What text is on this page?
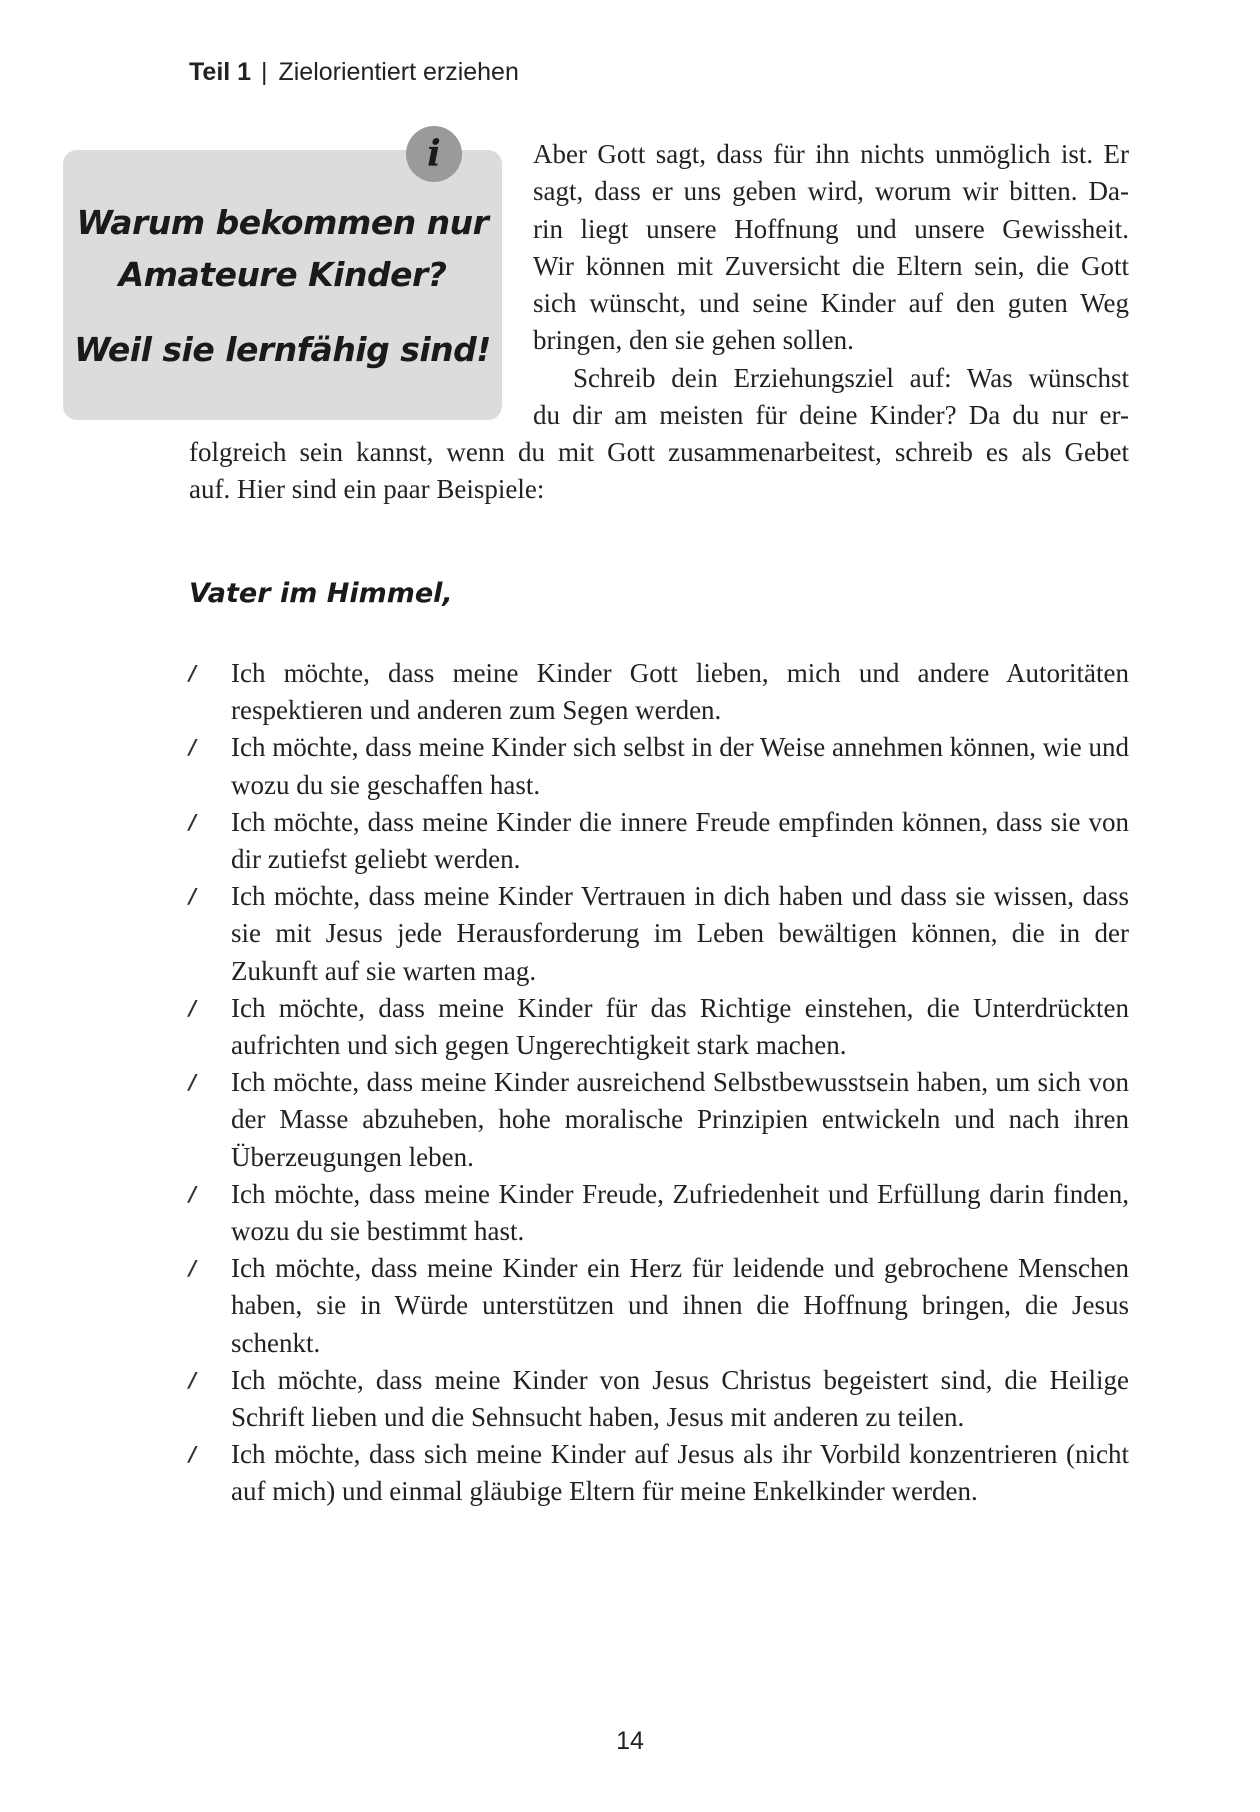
Teil 1 | Zielorientiert erziehen
i
Warum bekommen nur
Amateure Kinder?
Weil sie lernfähig sind!
Aber Gott sagt, dass für ihn nichts unmöglich ist. Er
sagt, dass er uns geben wird, worum wir bitten. Da-
rin liegt unsere Hoffnung und unsere Gewissheit.
Wir können mit Zuversicht die Eltern sein, die Gott
sich wünscht, und seine Kinder auf den guten Weg
bringen, den sie gehen sollen.
Schreib dein Erziehungsziel auf: Was wünschst
du dir am meisten für deine Kinder? Da du nur er-
folgreich sein kannst, wenn du mit Gott zusammenarbeitest, schreib es als Gebet
auf. Hier sind ein paar Beispiele:
Vater im Himmel,
/ Ich möchte, dass meine Kinder Gott lieben, mich und andere Autoritäten respektieren und anderen zum Segen werden.
/ Ich möchte, dass meine Kinder sich selbst in der Weise annehmen können, wie und wozu du sie geschaffen hast.
/ Ich möchte, dass meine Kinder die innere Freude empfinden können, dass sie von dir zutiefst geliebt werden.
/ Ich möchte, dass meine Kinder Vertrauen in dich haben und dass sie wissen, dass sie mit Jesus jede Herausforderung im Leben bewältigen können, die in der Zukunft auf sie warten mag.
/ Ich möchte, dass meine Kinder für das Richtige einstehen, die Unterdrückten aufrichten und sich gegen Ungerechtigkeit stark machen.
/ Ich möchte, dass meine Kinder ausreichend Selbstbewusstsein haben, um sich von der Masse abzuheben, hohe moralische Prinzipien entwickeln und nach ihren Überzeugungen leben.
/ Ich möchte, dass meine Kinder Freude, Zufriedenheit und Erfüllung darin finden, wozu du sie bestimmt hast.
/ Ich möchte, dass meine Kinder ein Herz für leidende und gebrochene Menschen haben, sie in Würde unterstützen und ihnen die Hoffnung bringen, die Jesus schenkt.
/ Ich möchte, dass meine Kinder von Jesus Christus begeistert sind, die Heilige Schrift lieben und die Sehnsucht haben, Jesus mit anderen zu teilen.
/ Ich möchte, dass sich meine Kinder auf Jesus als ihr Vorbild konzentrieren (nicht auf mich) und einmal gläubige Eltern für meine Enkelkinder werden.
14
